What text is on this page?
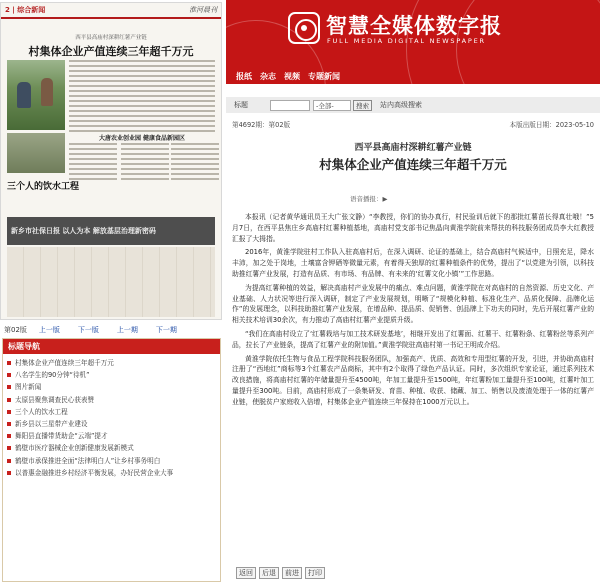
2 | 综合新闻	淮河晨刊
西平县高庙村深耕红薯产业链
村集体企业产值连续三年超千万元
大唐农业创业园 健康食品新园区
三个人的饮水工程
新乡市社保日报 以人为本 解放基层治理新密码
第02版 上一版	下一版	上一期	下一期
标题导航
村集体企业产值连续三年超千万元
八名学生的90分钟“待机”
图片新闻
太原县聚焦调查民心获表赞
三个人的饮水工程
新乡县以三星带产业建设
舞阳县直播带货助企“云端”提才
鹤壁市医疗器械企业创新健康发展新模式
鹤壁市承保推进全面“法律明白人”让乡村事务明白
以普惠金融推进乡村经济平衡发展，办好民营企业大事
智慧全媒体数字报
FULL MEDIA DIGITAL NEWSPAPER
报纸 杂志 视频 专题新闻
标题	-全部-	搜索	站内高级搜索
第4692期：第02版	本版出版日期：2023-05-10
西平县高庙村深耕红薯产业链
村集体企业产值连续三年超千万元
语音播报：▶

本报讯（记者黄华通讯员王大广张文静）“李教授，你们的协办真行，村民验训后就下的那批红薯苗长得真壮哦！”5月7日，在西平县焦庄乡高庙村红薯种植基地，高庙村党支部书记焦晶向黄淮学院前来帮扶的科技服务团成员李大红教授汇报了大拇指。

2016年，黄淮学院驻村工作队入驻高庙村后，在深入调研、论证的基础上，结合高庙村气候适中，日照充足，降水丰沛，加之处于岗地，土壤富含钾硒等微量元素，有着得天独厚的红薯种植条件的优势，提出了“以党建为引领，以科技助推红薯产业发展，打造有品质、有市场、有品牌、有未来的‘红薯文化小镇’”工作思路。

为提高红薯种植的效益，解决高庙村产业发展中的痛点、难点问题，黄淮学院在对高庙村的自然资源、历史文化、产业基础、人力状况等进行深入调研，制定了产业发展规划，明晰了“规模化种植、标准化生产、品质化保障、品牌化运作”的发展理念，以科技助推红薯产业发展，在增品种、提品质、促销售、创品牌上下功夫的同时，先后开展红薯产业的相关技术培训30余次，有力推动了高庙村红薯产业提质升级。

“我们在高庙村设立了‘红薯栽培与加工技术研发基地’，相继开发出了红薯面、红薯干、红薯粉条、红薯粉丝等系列产品，拉长了产业链条，提高了红薯产业的附加值。”黄淮学院驻高庙村第一书记王明成介绍。

黄淮学院依托生物与食品工程学院科技服务团队，加强高产、优质、高效和专用型红薯的开发，引进，并协助高庙村注册了“西地红”商标等3个红薯农产品商标，其中有2个取得了绿色产品认证。同时，多次组织专家论证，通过系列技术改良措施，将高庙村红薯的年储量提升至4500吨，年加工量提升至1500吨，年红薯粉加工量提升至100吨，红薯叶加工量提升至300吨。目前，高庙村形成了一条集研发、育苗、种植、收获、储藏、加工、销售以及废渣处理于一体的红薯产业链，使脱贫户家庭收入倍增，村集体企业产值连续三年保持在1000万元以上。

返回	后退	前进	打印
